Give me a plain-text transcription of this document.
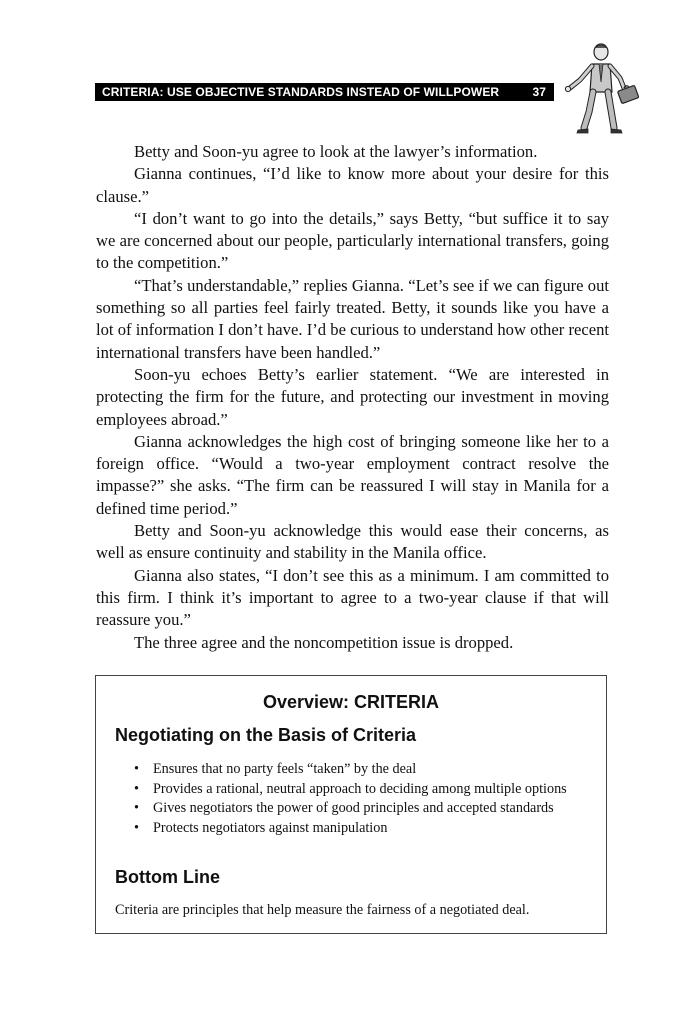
CRITERIA: USE OBJECTIVE STANDARDS INSTEAD OF WILLPOWER	37

Betty and Soon-yu agree to look at the lawyer’s information.

Gianna continues, “I’d like to know more about your desire for this clause.”

“I don’t want to go into the details,” says Betty, “but suffice it to say we are concerned about our people, particularly international transfers, going to the competition.”

“That’s understandable,” replies Gianna. “Let’s see if we can figure out something so all parties feel fairly treated. Betty, it sounds like you have a lot of information I don’t have. I’d be curious to understand how other recent international transfers have been handled.”

Soon-yu echoes Betty’s earlier statement. “We are interested in protecting the firm for the future, and protecting our investment in moving employees abroad.”

Gianna acknowledges the high cost of bringing someone like her to a foreign office. “Would a two-year employment contract resolve the impasse?” she asks. “The firm can be reassured I will stay in Manila for a defined time period.”

Betty and Soon-yu acknowledge this would ease their concerns, as well as ensure continuity and stability in the Manila office.

Gianna also states, “I don’t see this as a minimum. I am committed to this firm. I think it’s important to agree to a two-year clause if that will reassure you.”

The three agree and the noncompetition issue is dropped.

Overview: CRITERIA
Negotiating on the Basis of Criteria
• Ensures that no party feels “taken” by the deal
• Provides a rational, neutral approach to deciding among multiple options
• Gives negotiators the power of good principles and accepted standards
• Protects negotiators against manipulation
Bottom Line
Criteria are principles that help measure the fairness of a negotiated deal.
